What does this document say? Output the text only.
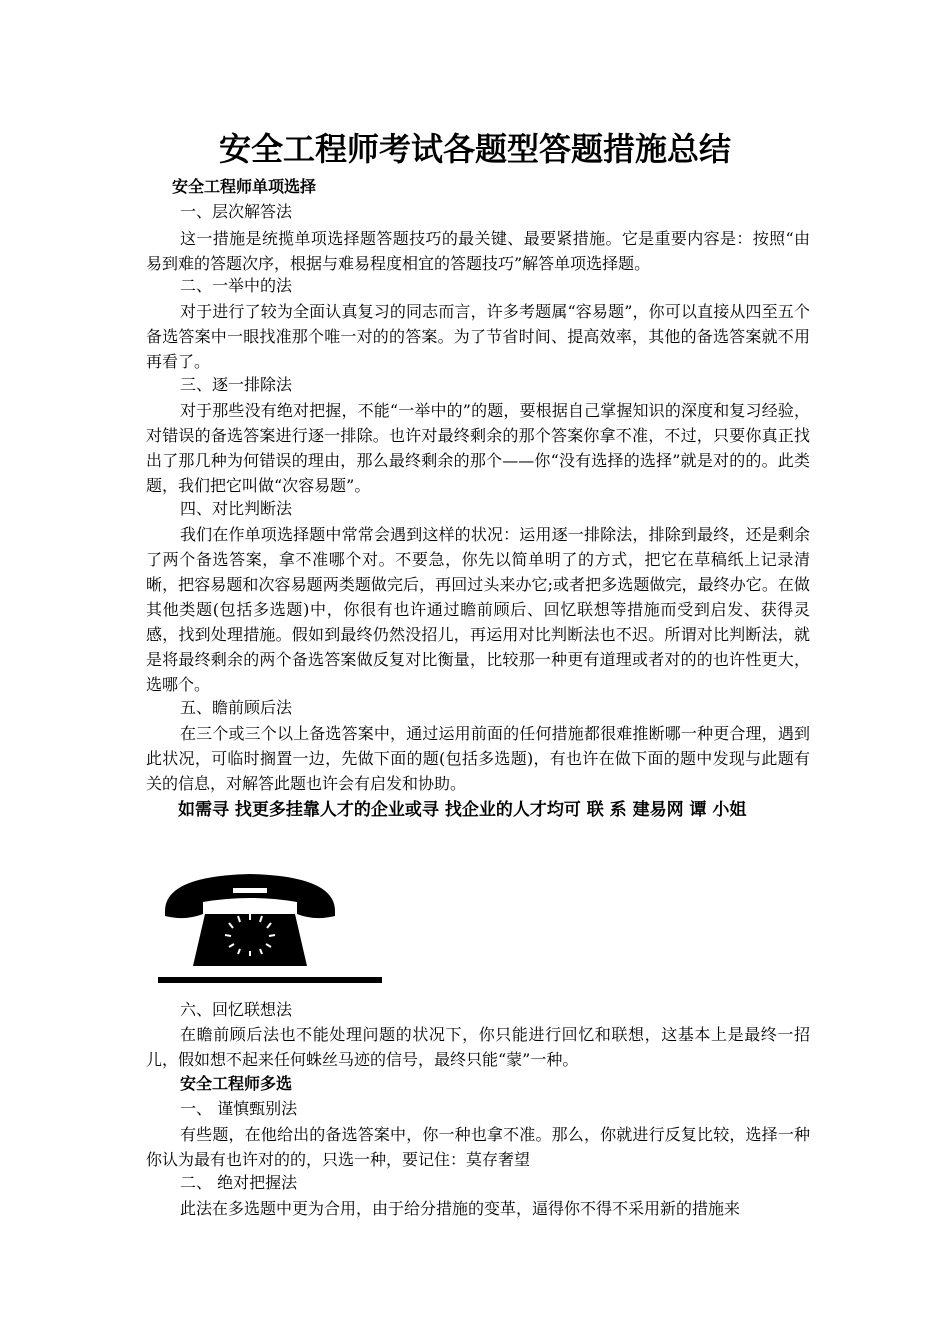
安全工程师考试各题型答题措施总结
安全工程师单项选择
一、层次解答法
这一措施是统揽单项选择题答题技巧的最关键、最要紧措施。它是重要内容是：按照“由易到难的答题次序，根据与难易程度相宜的答题技巧”解答单项选择题。
二、一举中的法
对于进行了较为全面认真复习的同志而言，许多考题属“容易题”，你可以直接从四至五个备选答案中一眼找准那个唯一对的的答案。为了节省时间、提高效率，其他的备选答案就不用再看了。
三、逐一排除法
对于那些没有绝对把握，不能“一举中的”的题，要根据自己掌握知识的深度和复习经验，对错误的备选答案进行逐一排除。也许对最终剩余的那个答案你拿不准，不过，只要你真正找出了那几种为何错误的理由，那么最终剩余的那个——你“没有选择的选择”就是对的的。此类题，我们把它叫做“次容易题”。
四、对比判断法
我们在作单项选择题中常常会遇到这样的状况：运用逐一排除法，排除到最终，还是剩余了两个备选答案，拿不准哪个对。不要急，你先以简单明了的方式，把它在草稿纸上记录清晰，把容易题和次容易题两类题做完后，再回过头来办它;或者把多选题做完，最终办它。在做其他类题(包括多选题)中，你很有也许通过瞻前顾后、回忆联想等措施而受到启发、获得灵感，找到处理措施。假如到最终仍然没招儿，再运用对比判断法也不迟。所谓对比判断法，就是将最终剩余的两个备选答案做反复对比衡量，比较那一种更有道理或者对的的也许性更大，选哪个。
五、瞻前顾后法
在三个或三个以上备选答案中，通过运用前面的任何措施都很难推断哪一种更合理，遇到此状况，可临时搁置一边，先做下面的题(包括多选题)，有也许在做下面的题中发现与此题有关的信息，对解答此题也许会有启发和协助。
如需寻 找更多挂靠人才的企业或寻 找企业的人才均可 联 系 建易网 谭 小姐
六、回忆联想法
在瞻前顾后法也不能处理问题的状况下，你只能进行回忆和联想，这基本上是最终一招儿，假如想不起来任何蛛丝马迹的信号，最终只能“蒙”一种。
安全工程师多选
一、 谨慎甄别法
有些题，在他给出的备选答案中，你一种也拿不准。那么，你就进行反复比较，选择一种你认为最有也许对的的，只选一种，要记住：莫存奢望
二、 绝对把握法
此法在多选题中更为合用，由于给分措施的变革，逼得你不得不采用新的措施来
